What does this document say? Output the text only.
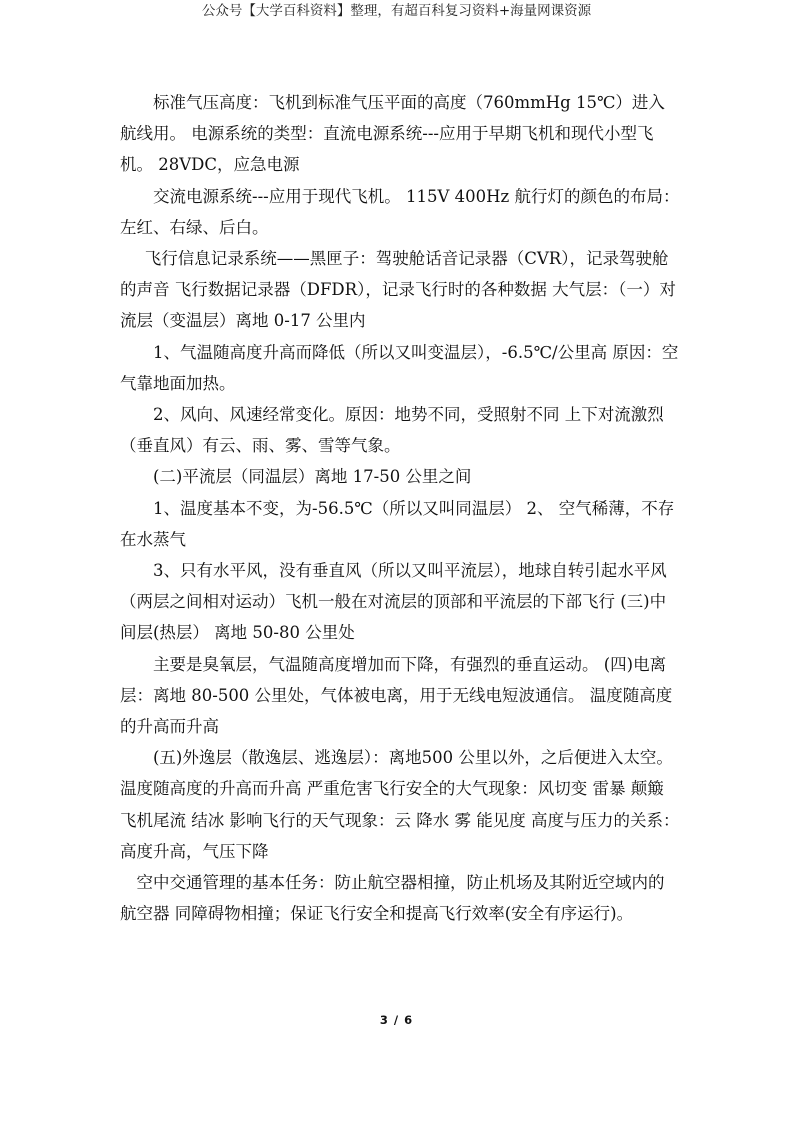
公众号【大学百科资料】整理，有超百科复习资料+海量网课资源

标准气压高度：飞机到标准气压平面的高度（760mmHg 15℃）进入航线用。 电源系统的类型：直流电源系统---应用于早期飞机和现代小型飞机。 28VDC，应急电源

交流电源系统---应用于现代飞机。 115V 400Hz 航行灯的颜色的布局：左红、右绿、后白。

飞行信息记录系统——黑匣子：驾驶舱话音记录器（CVR），记录驾驶舱的声音 飞行数据记录器（DFDR），记录飞行时的各种数据 大气层：（一）对流层（变温层）离地 0-17 公里内

1、气温随高度升高而降低（所以又叫变温层），-6.5℃/公里高 原因：空气靠地面加热。

2、风向、风速经常变化。原因：地势不同，受照射不同 上下对流激烈（垂直风）有云、雨、雾、雪等气象。

(二)平流层（同温层）离地 17-50 公里之间

1、温度基本不变，为-56.5℃（所以又叫同温层） 2、 空气稀薄，不存在水蒸气

3、只有水平风，没有垂直风（所以又叫平流层），地球自转引起水平风（两层之间相对运动）飞机一般在对流层的顶部和平流层的下部飞行 (三)中间层(热层） 离地 50-80 公里处

主要是臭氧层，气温随高度增加而下降，有强烈的垂直运动。 (四)电离层：离地 80-500 公里处，气体被电离，用于无线电短波通信。 温度随高度的升高而升高

(五)外逸层（散逸层、逃逸层）：离地500 公里以外，之后便进入太空。 温度随高度的升高而升高 严重危害飞行安全的大气现象：风切变 雷暴 颠簸 飞机尾流 结冰 影响飞行的天气现象：云 降水 雾 能见度 高度与压力的关系：高度升高，气压下降

空中交通管理的基本任务：防止航空器相撞，防止机场及其附近空域内的航空器 同障碍物相撞；保证飞行安全和提高飞行效率(安全有序运行)。

3 / 6
